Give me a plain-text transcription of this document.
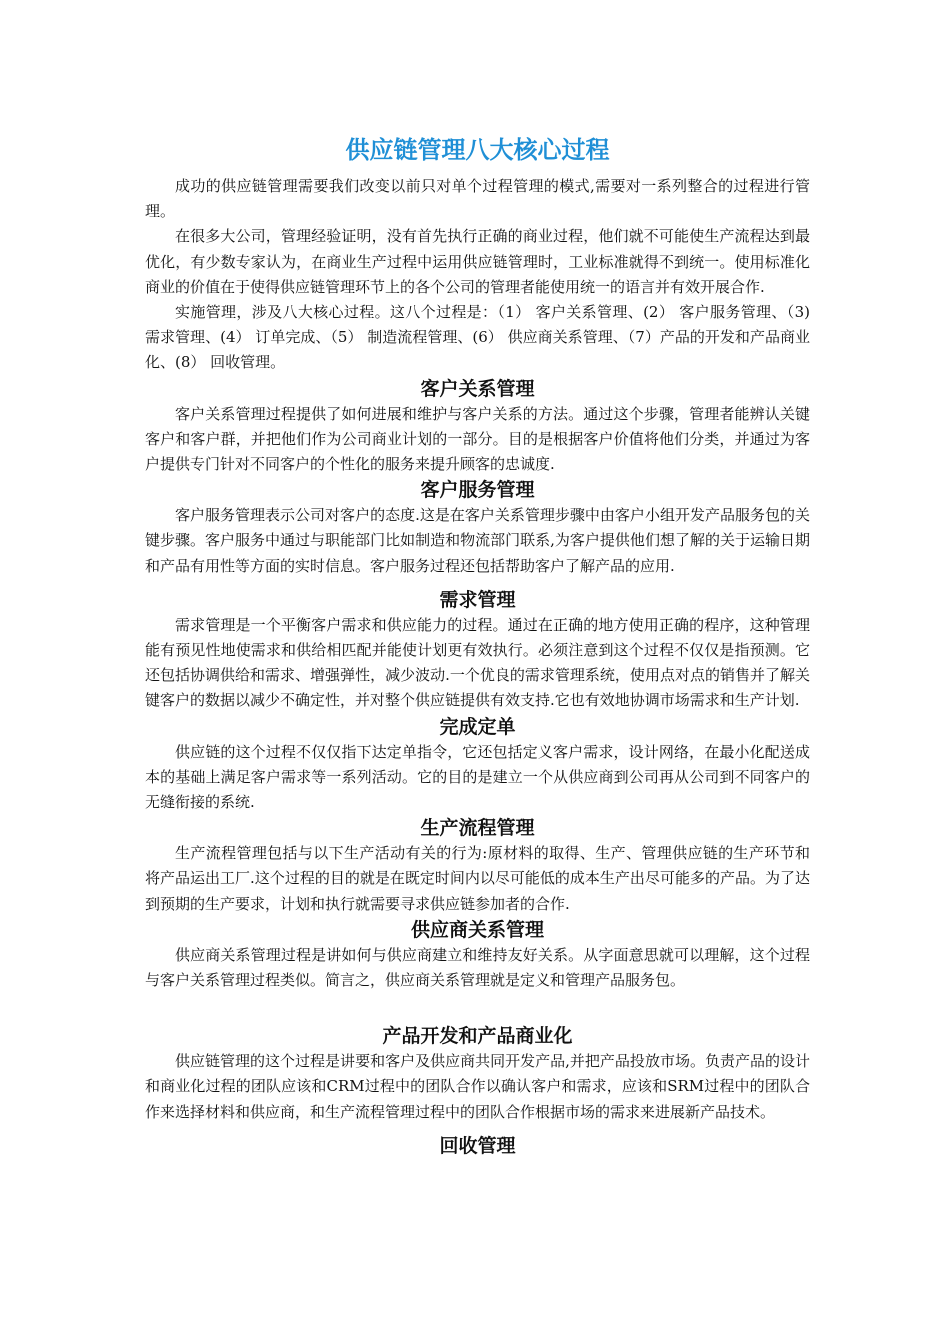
供应链管理八大核心过程

成功的供应链管理需要我们改变以前只对单个过程管理的模式,需要对一系列整合的过程进行管理。

在很多大公司，管理经验证明，没有首先执行正确的商业过程，他们就不可能使生产流程达到最优化，有少数专家认为，在商业生产过程中运用供应链管理时，工业标准就得不到统一。使用标准化商业的价值在于使得供应链管理环节上的各个公司的管理者能使用统一的语言并有效开展合作.

实施管理，涉及八大核心过程。这八个过程是：（1） 客户关系管理、(2） 客户服务管理、（3) 需求管理、(4） 订单完成、（5） 制造流程管理、(6） 供应商关系管理、（7）产品的开发和产品商业化、(8） 回收管理。

客户关系管理

客户关系管理过程提供了如何进展和维护与客户关系的方法。通过这个步骤，管理者能辨认关键客户和客户群，并把他们作为公司商业计划的一部分。目的是根据客户价值将他们分类，并通过为客户提供专门针对不同客户的个性化的服务来提升顾客的忠诚度.

客户服务管理

客户服务管理表示公司对客户的态度.这是在客户关系管理步骤中由客户小组开发产品服务包的关键步骤。客户服务中通过与职能部门比如制造和物流部门联系,为客户提供他们想了解的关于运输日期和产品有用性等方面的实时信息。客户服务过程还包括帮助客户了解产品的应用.

需求管理

需求管理是一个平衡客户需求和供应能力的过程。通过在正确的地方使用正确的程序，这种管理能有预见性地使需求和供给相匹配并能使计划更有效执行。必须注意到这个过程不仅仅是指预测。它还包括协调供给和需求、增强弹性，减少波动.一个优良的需求管理系统，使用点对点的销售并了解关键客户的数据以减少不确定性，并对整个供应链提供有效支持.它也有效地协调市场需求和生产计划.

完成定单

供应链的这个过程不仅仅指下达定单指令，它还包括定义客户需求，设计网络，在最小化配送成本的基础上满足客户需求等一系列活动。它的目的是建立一个从供应商到公司再从公司到不同客户的无缝衔接的系统.

生产流程管理

生产流程管理包括与以下生产活动有关的行为:原材料的取得、生产、管理供应链的生产环节和将产品运出工厂.这个过程的目的就是在既定时间内以尽可能低的成本生产出尽可能多的产品。为了达到预期的生产要求，计划和执行就需要寻求供应链参加者的合作.

供应商关系管理

供应商关系管理过程是讲如何与供应商建立和维持友好关系。从字面意思就可以理解，这个过程与客户关系管理过程类似。简言之，供应商关系管理就是定义和管理产品服务包。

产品开发和产品商业化

供应链管理的这个过程是讲要和客户及供应商共同开发产品,并把产品投放市场。负责产品的设计和商业化过程的团队应该和CRM过程中的团队合作以确认客户和需求，应该和SRM过程中的团队合作来选择材料和供应商，和生产流程管理过程中的团队合作根据市场的需求来进展新产品技术。

回收管理
